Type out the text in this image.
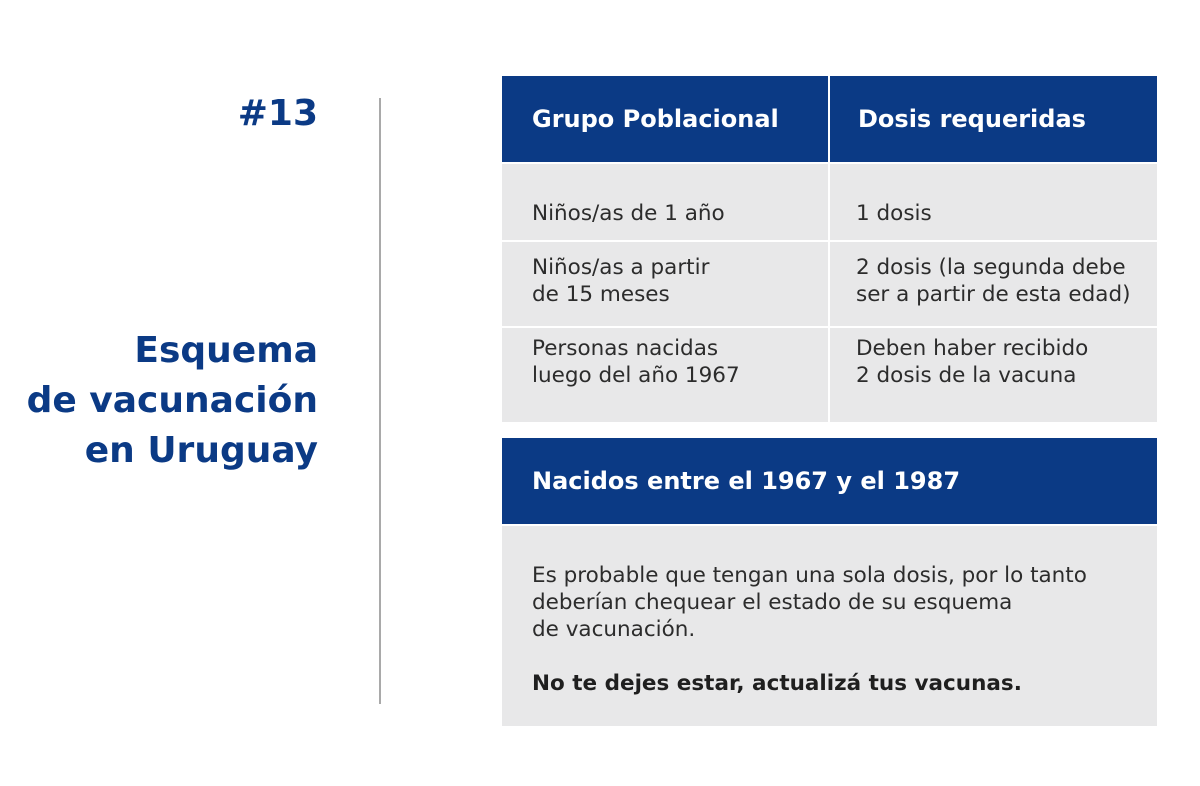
#13
Esquema
de vacunación
en Uruguay
Grupo Poblacional	Dosis requeridas
Niños/as de 1 año	1 dosis
Niños/as a partir
de 15 meses
2 dosis (la segunda debe
ser a partir de esta edad)
Personas nacidas
luego del año 1967
Deben haber recibido
2 dosis de la vacuna
Nacidos entre el 1967 y el 1987
Es probable que tengan una sola dosis, por lo tanto
deberían chequear el estado de su esquema
de vacunación.
No te dejes estar, actualizá tus vacunas.
